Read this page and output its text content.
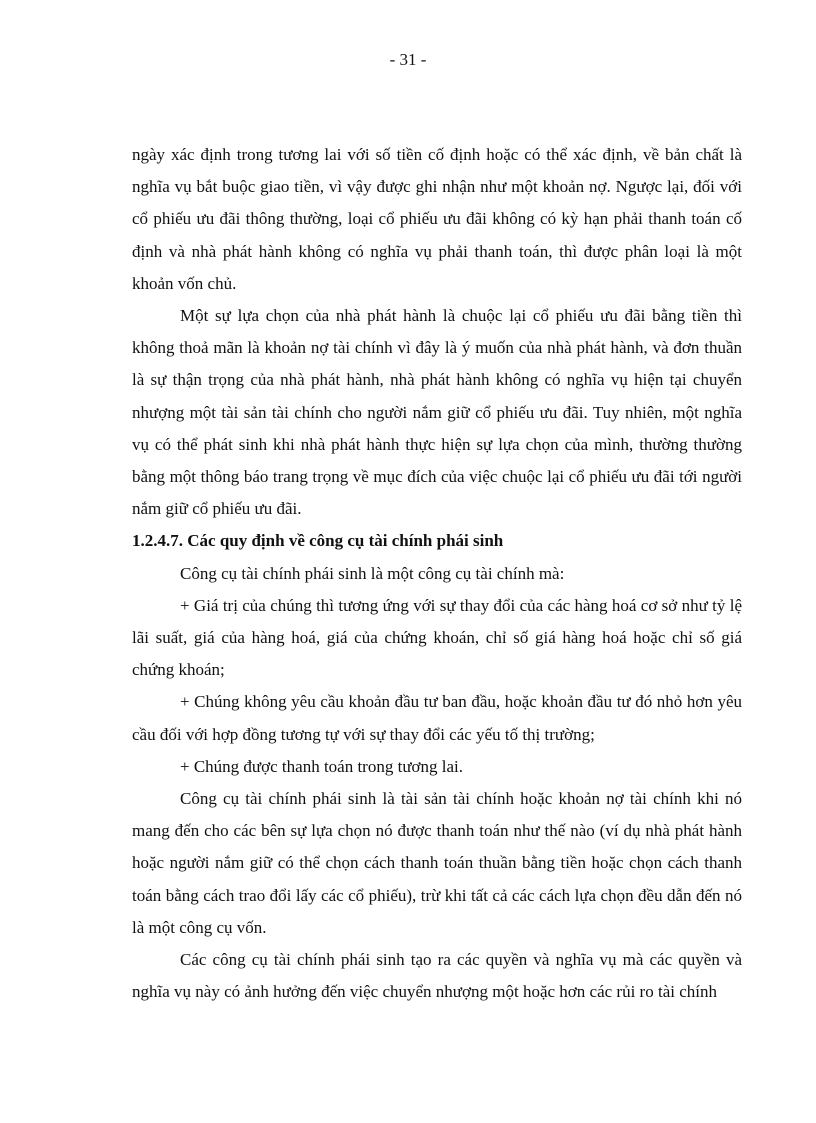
- 31 -

ngày xác định trong tương lai với số tiền cố định hoặc có thể xác định, về bản chất là nghĩa vụ bắt buộc giao tiền, vì vậy được ghi nhận như một khoản nợ. Ngược lại, đối với cổ phiếu ưu đãi thông thường, loại cổ phiếu ưu đãi không có kỳ hạn phải thanh toán cố định và nhà phát hành không có nghĩa vụ phải thanh toán, thì được phân loại là một khoản vốn chủ.

Một sự lựa chọn của nhà phát hành là chuộc lại cổ phiếu ưu đãi bằng tiền thì không thoả mãn là khoản nợ tài chính vì đây là ý muốn của nhà phát hành, và đơn thuần là sự thận trọng của nhà phát hành, nhà phát hành không có nghĩa vụ hiện tại chuyển nhượng một tài sản tài chính cho người nắm giữ cổ phiếu ưu đãi. Tuy nhiên, một nghĩa vụ có thể phát sinh khi nhà phát hành thực hiện sự lựa chọn của mình, thường thường bằng một thông báo trang trọng về mục đích của việc chuộc lại cổ phiếu ưu đãi tới người nắm giữ cổ phiếu ưu đãi.

1.2.4.7. Các quy định về công cụ tài chính phái sinh

Công cụ tài chính phái sinh là một công cụ tài chính mà:

+ Giá trị của chúng thì tương ứng với sự thay đổi của các hàng hoá cơ sở như tỷ lệ lãi suất, giá của hàng hoá, giá của chứng khoán, chỉ số giá hàng hoá hoặc chỉ số giá chứng khoán;

+ Chúng không yêu cầu khoản đầu tư ban đầu, hoặc khoản đầu tư đó nhỏ hơn yêu cầu đối với hợp đồng tương tự với sự thay đổi các yếu tố thị trường;

+ Chúng được thanh toán trong tương lai.

Công cụ tài chính phái sinh là tài sản tài chính hoặc khoản nợ tài chính khi nó mang đến cho các bên sự lựa chọn nó được thanh toán như thế nào (ví dụ nhà phát hành hoặc người nắm giữ có thể chọn cách thanh toán thuần bằng tiền hoặc chọn cách thanh toán bằng cách trao đổi lấy các cổ phiếu), trừ khi tất cả các cách lựa chọn đều dẫn đến nó là một công cụ vốn.

Các công cụ tài chính phái sinh tạo ra các quyền và nghĩa vụ mà các quyền và nghĩa vụ này có ảnh hưởng đến việc chuyển nhượng một hoặc hơn các rủi ro tài chính
